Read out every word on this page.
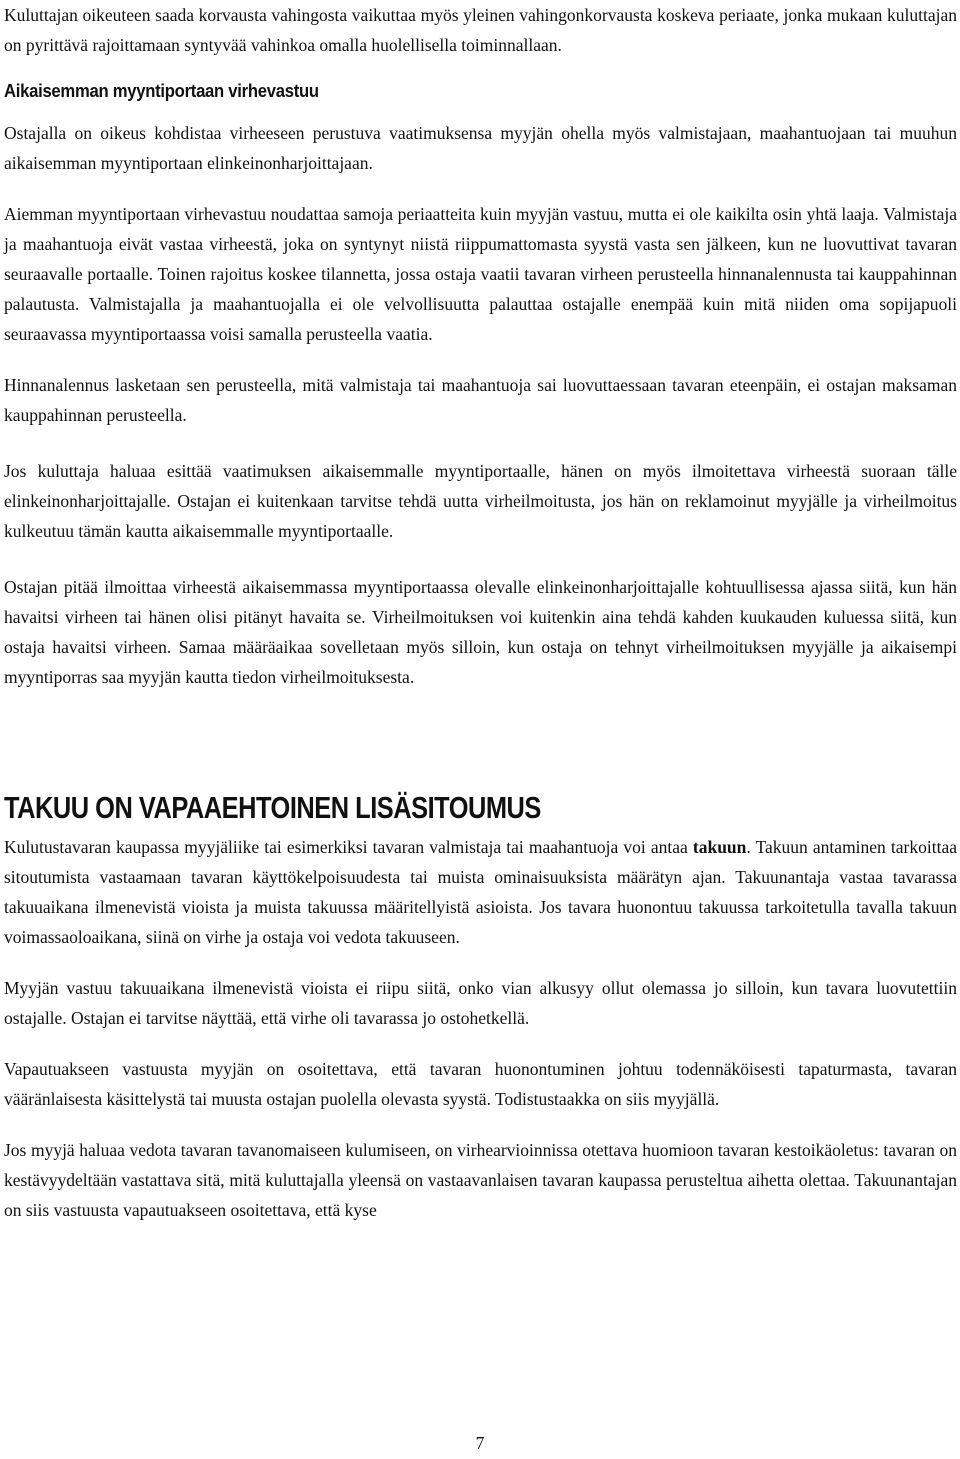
Kuluttajan oikeuteen saada korvausta vahingosta vaikuttaa myös yleinen vahingonkorvausta koskeva periaate, jonka mukaan kuluttajan on pyrittävä rajoittamaan syntyvää vahinkoa omalla huolellisella toiminnallaan.

Aikaisemman myyntiportaan virhevastuu

Ostajalla on oikeus kohdistaa virheeseen perustuva vaatimuksensa myyjän ohella myös valmistajaan, maahantuojaan tai muuhun aikaisemman myyntiportaan elinkeinonharjoittajaan.

Aiemman myyntiportaan virhevastuu noudattaa samoja periaatteita kuin myyjän vastuu, mutta ei ole kaikilta osin yhtä laaja. Valmistaja ja maahantuoja eivät vastaa virheestä, joka on syntynyt niistä riippumattomasta syystä vasta sen jälkeen, kun ne luovuttivat tavaran seuraavalle portaalle. Toinen rajoitus koskee tilannetta, jossa ostaja vaatii tavaran virheen perusteella hinnanalennusta tai kauppahinnan palautusta. Valmistajalla ja maahantuojalla ei ole velvollisuutta palauttaa ostajalle enempää kuin mitä niiden oma sopijapuoli seuraavassa myyntiportaassa voisi samalla perusteella vaatia.

Hinnanalennus lasketaan sen perusteella, mitä valmistaja tai maahantuoja sai luovuttaessaan tavaran eteenpäin, ei ostajan maksaman kauppahinnan perusteella.

Jos kuluttaja haluaa esittää vaatimuksen aikaisemmalle myyntiportaalle, hänen on myös ilmoitettava virheestä suoraan tälle elinkeinonharjoittajalle. Ostajan ei kuitenkaan tarvitse tehdä uutta virheilmoitusta, jos hän on reklamoinut myyjälle ja virheilmoitus kulkeutuu tämän kautta aikaisemmalle myyntiportaalle.

Ostajan pitää ilmoittaa virheestä aikaisemmassa myyntiportaassa olevalle elinkeinonharjoittajalle kohtuullisessa ajassa siitä, kun hän havaitsi virheen tai hänen olisi pitänyt havaita se. Virheilmoituksen voi kuitenkin aina tehdä kahden kuukauden kuluessa siitä, kun ostaja havaitsi virheen. Samaa määräaikaa sovelletaan myös silloin, kun ostaja on tehnyt virheilmoituksen myyjälle ja aikaisempi myyntiporras saa myyjän kautta tiedon virheilmoituksesta.

TAKUU ON VAPAAEHTOINEN LISÄSITOUMUS

Kulutustavaran kaupassa myyjäliike tai esimerkiksi tavaran valmistaja tai maahantuoja voi antaa takuun. Takuun antaminen tarkoittaa sitoutumista vastaamaan tavaran käyttökelpoisuudesta tai muista ominaisuuksista määrätyn ajan. Takuunantaja vastaa tavarassa takuuaikana ilmenevistä vioista ja muista takuussa määritellyistä asioista. Jos tavara huonontuu takuussa tarkoitetulla tavalla takuun voimassaoloaikana, siinä on virhe ja ostaja voi vedota takuuseen.

Myyjän vastuu takuuaikana ilmenevistä vioista ei riipu siitä, onko vian alkusyy ollut olemassa jo silloin, kun tavara luovutettiin ostajalle. Ostajan ei tarvitse näyttää, että virhe oli tavarassa jo ostohetkellä.

Vapautuakseen vastuusta myyjän on osoitettava, että tavaran huonontuminen johtuu todennäköisesti tapaturmasta, tavaran vääränlaisesta käsittelystä tai muusta ostajan puolella olevasta syystä. Todistustaakka on siis myyjällä.

Jos myyjä haluaa vedota tavaran tavanomaiseen kulumiseen, on virhearvioinnissa otettava huomioon tavaran kestoikäoletus: tavaran on kestävyydeltään vastattava sitä, mitä kuluttajalla yleensä on vastaavanlaisen tavaran kaupassa perusteltua aihetta olettaa. Takuunantajan on siis vastuusta vapautuakseen osoitettava, että kyse

7
